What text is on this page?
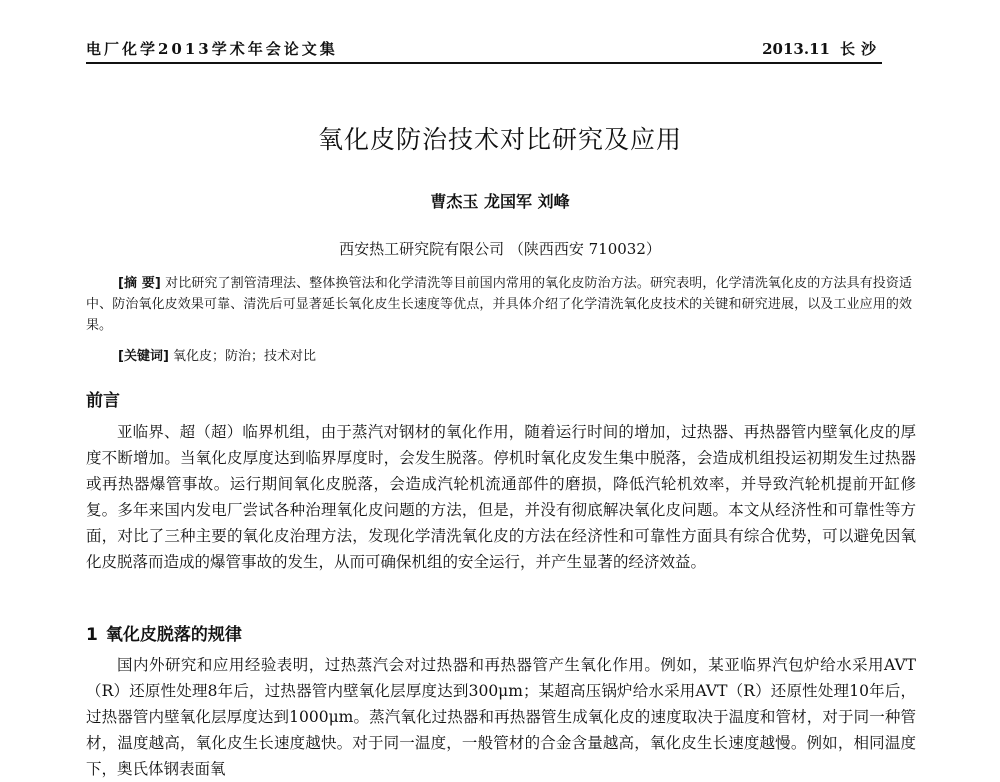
电厂化学2013学术年会论文集	2013.11 长沙
氧化皮防治技术对比研究及应用
曹杰玉 龙国军 刘峰
西安热工研究院有限公司 （陕西西安 710032）
[摘 要] 对比研究了割管清理法、整体换管法和化学清洗等目前国内常用的氧化皮防治方法。研究表明，化学清洗氧化皮的方法具有投资适中、防治氧化皮效果可靠、清洗后可显著延长氧化皮生长速度等优点，并具体介绍了化学清洗氧化皮技术的关键和研究进展，以及工业应用的效果。
[关键词] 氧化皮；防治；技术对比
前言
亚临界、超（超）临界机组，由于蒸汽对钢材的氧化作用，随着运行时间的增加，过热器、再热器管内壁氧化皮的厚度不断增加。当氧化皮厚度达到临界厚度时，会发生脱落。停机时氧化皮发生集中脱落，会造成机组投运初期发生过热器或再热器爆管事故。运行期间氧化皮脱落，会造成汽轮机流通部件的磨损，降低汽轮机效率，并导致汽轮机提前开缸修复。多年来国内发电厂尝试各种治理氧化皮问题的方法，但是，并没有彻底解决氧化皮问题。本文从经济性和可靠性等方面，对比了三种主要的氧化皮治理方法，发现化学清洗氧化皮的方法在经济性和可靠性方面具有综合优势，可以避免因氧化皮脱落而造成的爆管事故的发生，从而可确保机组的安全运行，并产生显著的经济效益。
1 氧化皮脱落的规律
国内外研究和应用经验表明，过热蒸汽会对过热器和再热器管产生氧化作用。例如，某亚临界汽包炉给水采用AVT（R）还原性处理8年后，过热器管内壁氧化层厚度达到300μm；某超高压锅炉给水采用AVT（R）还原性处理10年后，过热器管内壁氧化层厚度达到1000μm。蒸汽氧化过热器和再热器管生成氧化皮的速度取决于温度和管材，对于同一种管材，温度越高，氧化皮生长速度越快。对于同一温度，一般管材的合金含量越高，氧化皮生长速度越慢。例如，相同温度下，奥氏体钢表面氧
